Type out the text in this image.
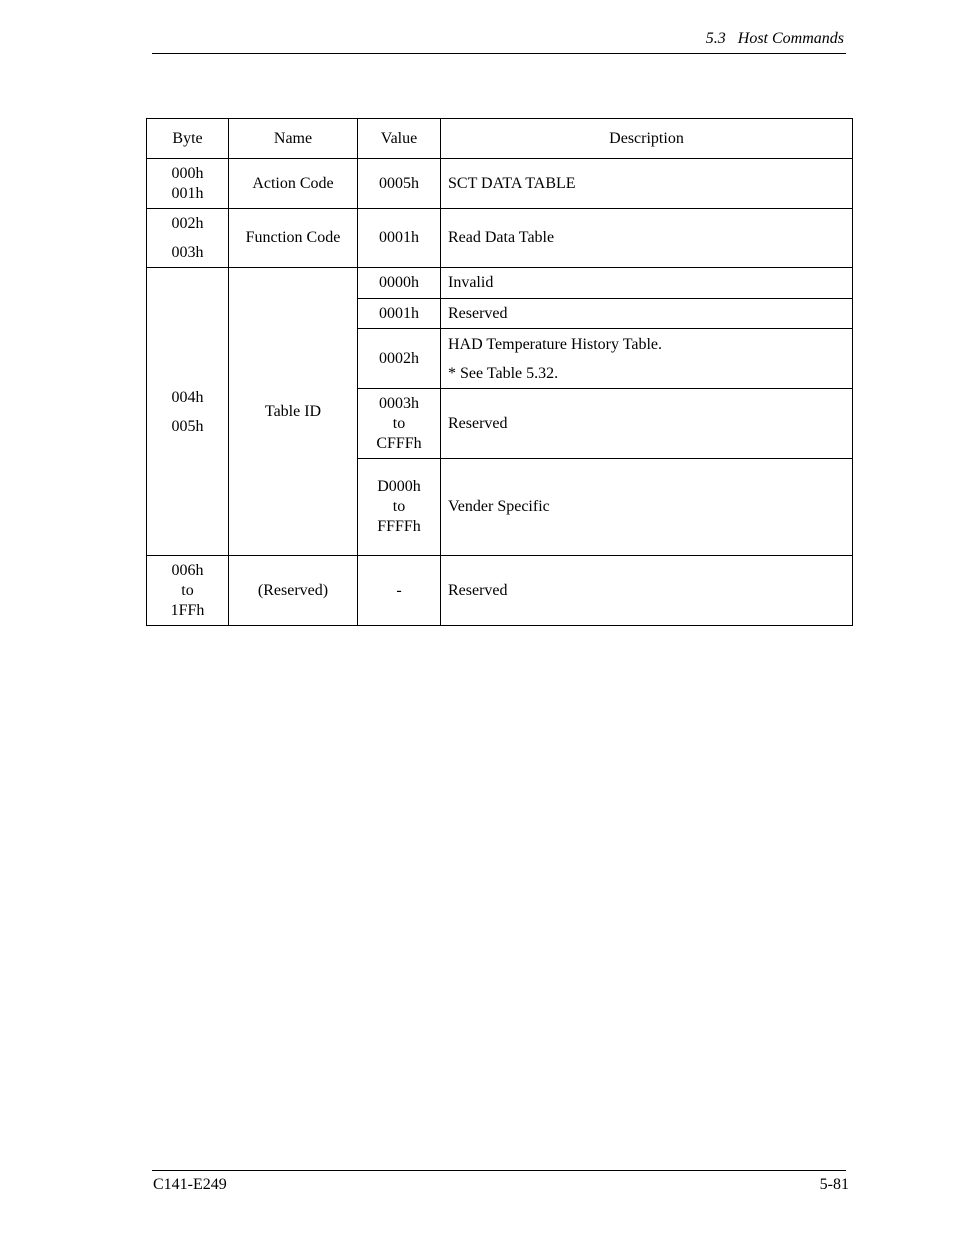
5.3   Host Commands
Byte	Name	Value	Description

000h
001h	Action Code	0005h	SCT DATA TABLE

002h
003h	Function Code	0001h	Read Data Table

004h
005h	Table ID	0000h	Invalid
		0001h	Reserved
		0002h	HAD Temperature History Table.
* See Table 5.32.

		0003h
to
CFFFh	Reserved

		D000h
to
FFFFh	Vender Specific

006h
to
1FFh	(Reserved)	-	Reserved
C141-E249	5-81
